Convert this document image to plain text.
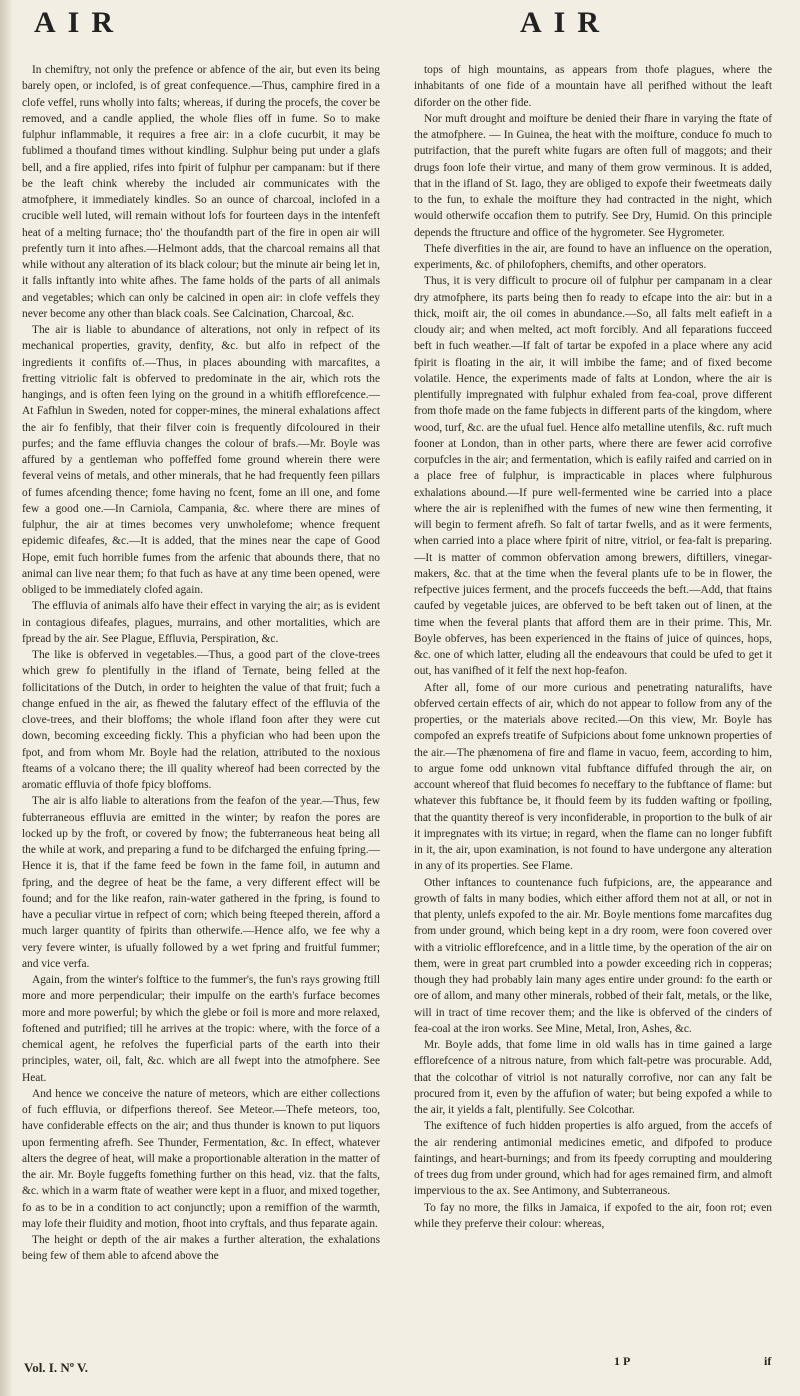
AIR	AIR

In chemiftry, not only the prefence or abfence of the air, but even its being barely open, or inclofed, is of great confequence.—Thus, camphire fired in a clofe veffel, runs wholly into falts; whereas, if during the procefs, the cover be removed, and a candle applied, the whole flies off in fume. So to make fulphur inflammable, it requires a free air: in a clofe cucurbit, it may be fublimed a thoufand times without kindling. Sulphur being put under a glafs bell, and a fire applied, rifes into fpirit of fulphur per campanam: but if there be the leaft chink whereby the included air communicates with the atmofphere, it immediately kindles. So an ounce of charcoal, inclofed in a crucible well luted, will remain without lofs for fourteen days in the intenfeft heat of a melting furnace; tho' the thoufandth part of the fire in open air will prefently turn it into afhes.—Helmont adds, that the charcoal remains all that while without any alteration of its black colour; but the minute air being let in, it falls inftantly into white afhes. The fame holds of the parts of all animals and vegetables; which can only be calcined in open air: in clofe veffels they never become any other than black coals. See Calcination, Charcoal, &c.

The air is liable to abundance of alterations, not only in refpect of its mechanical properties, gravity, denfity, &c. but alfo in refpect of the ingredients it confifts of.—Thus, in places abounding with marcafites, a fretting vitriolic falt is obferved to predominate in the air, which rots the hangings, and is often feen lying on the ground in a whitifh efflorefcence.—At Fafhlun in Sweden, noted for copper-mines, the mineral exhalations affect the air fo fenfibly, that their filver coin is frequently difcoloured in their purfes; and the fame effluvia changes the colour of brafs.—Mr. Boyle was affured by a gentleman who poffeffed fome ground wherein there were feveral veins of metals, and other minerals, that he had frequently feen pillars of fumes afcending thence; fome having no fcent, fome an ill one, and fome few a good one.—In Carniola, Campania, &c. where there are mines of fulphur, the air at times becomes very unwholefome; whence frequent epidemic difeafes, &c.—It is added, that the mines near the cape of Good Hope, emit fuch horrible fumes from the arfenic that abounds there, that no animal can live near them; fo that fuch as have at any time been opened, were obliged to be immediately clofed again.

The effluvia of animals alfo have their effect in varying the air; as is evident in contagious difeafes, plagues, murrains, and other mortalities, which are fpread by the air. See Plague, Effluvia, Perspiration, &c.

The like is obferved in vegetables.—Thus, a good part of the clove-trees which grew fo plentifully in the ifland of Ternate, being felled at the follicitations of the Dutch, in order to heighten the value of that fruit; fuch a change enfued in the air, as fhewed the falutary effect of the effluvia of the clove-trees, and their bloffoms; the whole ifland foon after they were cut down, becoming exceeding fickly. This a phyfician who had been upon the fpot, and from whom Mr. Boyle had the relation, attributed to the noxious fteams of a volcano there; the ill quality whereof had been corrected by the aromatic effluvia of thofe fpicy bloffoms.

The air is alfo liable to alterations from the feafon of the year.—Thus, few fubterraneous effluvia are emitted in the winter; by reafon the pores are locked up by the froft, or covered by fnow; the fubterraneous heat being all the while at work, and preparing a fund to be difcharged the enfuing fpring.—Hence it is, that if the fame feed be fown in the fame foil, in autumn and fpring, and the degree of heat be the fame, a very different effect will be found; and for the like reafon, rain-water gathered in the fpring, is found to have a peculiar virtue in refpect of corn; which being fteeped therein, afford a much larger quantity of fpirits than otherwife.—Hence alfo, we fee why a very fevere winter, is ufually followed by a wet fpring and fruitful fummer; and vice verfa.

Again, from the winter's folftice to the fummer's, the fun's rays growing ftill more and more perpendicular; their impulfe on the earth's furface becomes more and more powerful; by which the glebe or foil is more and more relaxed, foftened and putrified; till he arrives at the tropic: where, with the force of a chemical agent, he refolves the fuperficial parts of the earth into their principles, water, oil, falt, &c. which are all fwept into the atmofphere. See Heat.

And hence we conceive the nature of meteors, which are either collections of fuch effluvia, or difperfions thereof. See Meteor.—Thefe meteors, too, have confiderable effects on the air; and thus thunder is known to put liquors upon fermenting afrefh. See Thunder, Fermentation, &c. In effect, whatever alters the degree of heat, will make a proportionable alteration in the matter of the air. Mr. Boyle fuggefts fomething further on this head, viz. that the falts, &c. which in a warm ftate of weather were kept in a fluor, and mixed together, fo as to be in a condition to act conjunctly; upon a remiffion of the warmth, may lofe their fluidity and motion, fhoot into cryftals, and thus feparate again.

The height or depth of the air makes a further alteration, the exhalations being few of them able to afcend above the

tops of high mountains, as appears from thofe plagues, where the inhabitants of one fide of a mountain have all perifhed without the leaft diforder on the other fide.

Nor muft drought and moifture be denied their fhare in varying the ftate of the atmofphere. — In Guinea, the heat with the moifture, conduce fo much to putrifaction, that the pureft white fugars are often full of maggots; and their drugs foon lofe their virtue, and many of them grow verminous. It is added, that in the ifland of St. Iago, they are obliged to expofe their fweetmeats daily to the fun, to exhale the moifture they had contracted in the night, which would otherwife occafion them to putrify. See Dry, Humid. On this principle depends the ftructure and office of the hygrometer. See Hygrometer.

Thefe diverfities in the air, are found to have an influence on the operation, experiments, &c. of philofophers, chemifts, and other operators.

Thus, it is very difficult to procure oil of fulphur per campanam in a clear dry atmofphere, its parts being then fo ready to efcape into the air: but in a thick, moift air, the oil comes in abundance.—So, all falts melt eafieft in a cloudy air; and when melted, act moft forcibly. And all feparations fucceed beft in fuch weather.—If falt of tartar be expofed in a place where any acid fpirit is floating in the air, it will imbibe the fame; and of fixed become volatile. Hence, the experiments made of falts at London, where the air is plentifully impregnated with fulphur exhaled from fea-coal, prove different from thofe made on the fame fubjects in different parts of the kingdom, where wood, turf, &c. are the ufual fuel. Hence alfo metalline utenfils, &c. ruft much fooner at London, than in other parts, where there are fewer acid corrofive corpufcles in the air; and fermentation, which is eafily raifed and carried on in a place free of fulphur, is impracticable in places where fulphurous exhalations abound.—If pure well-fermented wine be carried into a place where the air is replenifhed with the fumes of new wine then fermenting, it will begin to ferment afrefh. So falt of tartar fwells, and as it were ferments, when carried into a place where fpirit of nitre, vitriol, or fea-falt is preparing.—It is matter of common obfervation among brewers, diftillers, vinegar-makers, &c. that at the time when the feveral plants ufe to be in flower, the refpective juices ferment, and the procefs fucceeds the beft.—Add, that ftains caufed by vegetable juices, are obferved to be beft taken out of linen, at the time when the feveral plants that afford them are in their prime. This, Mr. Boyle obferves, has been experienced in the ftains of juice of quinces, hops, &c. one of which latter, eluding all the endeavours that could be ufed to get it out, has vanifhed of it felf the next hop-feafon.

After all, fome of our more curious and penetrating naturalifts, have obferved certain effects of air, which do not appear to follow from any of the properties, or the materials above recited.—On this view, Mr. Boyle has compofed an exprefs treatife of Sufpicions about fome unknown properties of the air.—The phænomena of fire and flame in vacuo, feem, according to him, to argue fome odd unknown vital fubftance diffufed through the air, on account whereof that fluid becomes fo neceffary to the fubftance of flame: but whatever this fubftance be, it fhould feem by its fudden wafting or fpoiling, that the quantity thereof is very inconfiderable, in proportion to the bulk of air it impregnates with its virtue; in regard, when the flame can no longer fubfift in it, the air, upon examination, is not found to have undergone any alteration in any of its properties. See Flame.

Other inftances to countenance fuch fufpicions, are, the appearance and growth of falts in many bodies, which either afford them not at all, or not in that plenty, unlefs expofed to the air. Mr. Boyle mentions fome marcafites dug from under ground, which being kept in a dry room, were foon covered over with a vitriolic efflorefcence, and in a little time, by the operation of the air on them, were in great part crumbled into a powder exceeding rich in copperas; though they had probably lain many ages entire under ground: fo the earth or ore of allom, and many other minerals, robbed of their falt, metals, or the like, will in tract of time recover them; and the like is obferved of the cinders of fea-coal at the iron works. See Mine, Metal, Iron, Ashes, &c.

Mr. Boyle adds, that fome lime in old walls has in time gained a large efflorefcence of a nitrous nature, from which falt-petre was procurable. Add, that the colcothar of vitriol is not naturally corrofive, nor can any falt be procured from it, even by the affufion of water; but being expofed a while to the air, it yields a falt, plentifully. See Colcothar.

The exiftence of fuch hidden properties is alfo argued, from the accefs of the air rendering antimonial medicines emetic, and difpofed to produce faintings, and heart-burnings; and from its fpeedy corrupting and mouldering of trees dug from under ground, which had for ages remained firm, and almoft impervious to the ax. See Antimony, and Subterraneous.

To fay no more, the filks in Jamaica, if expofed to the air, foon rot; even while they preferve their colour: whereas,

Vol. I. Nº V.	1 P	if
